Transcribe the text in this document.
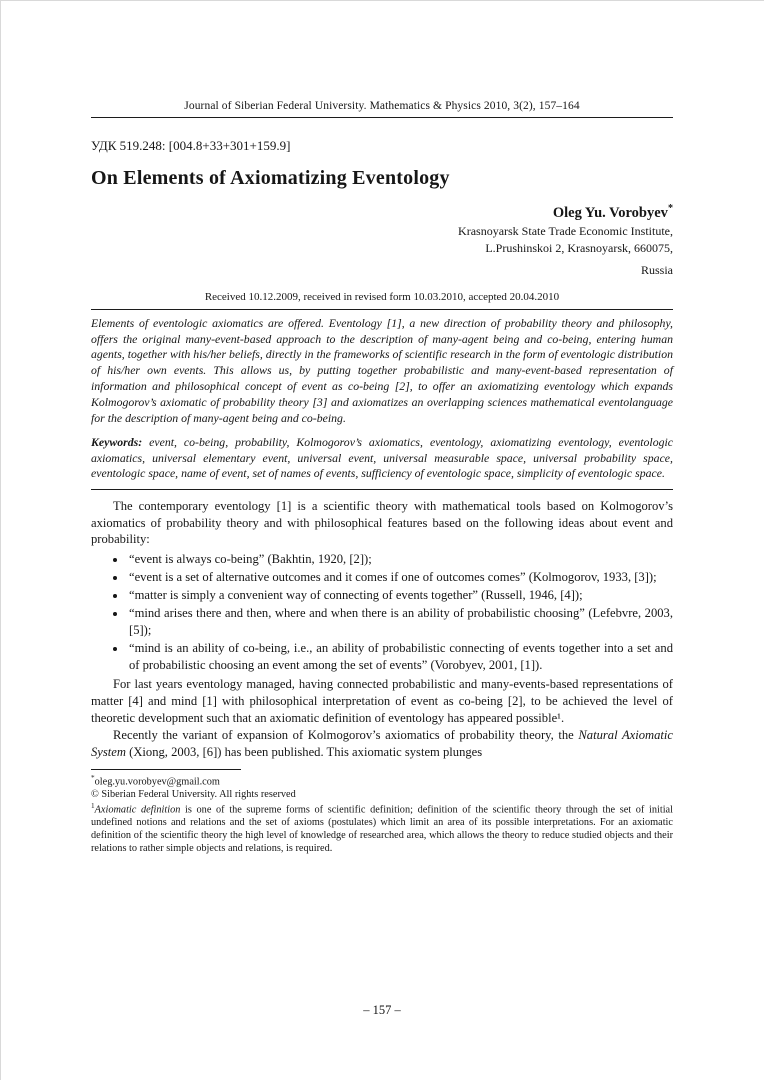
Journal of Siberian Federal University. Mathematics & Physics 2010, 3(2), 157–164
УДК 519.248: [004.8+33+301+159.9]
On Elements of Axiomatizing Eventology
Oleg Yu. Vorobyev*
Krasnoyarsk State Trade Economic Institute,
L.Prushinskoi 2, Krasnoyarsk, 660075,
Russia
Received 10.12.2009, received in revised form 10.03.2010, accepted 20.04.2010

Elements of eventologic axiomatics are offered. Eventology [1], a new direction of probability theory and philosophy, offers the original many-event-based approach to the description of many-agent being and co-being, entering human agents, together with his/her beliefs, directly in the frameworks of scientific research in the form of eventologic distribution of his/her own events. This allows us, by putting together probabilistic and many-event-based representation of information and philosophical concept of event as co-being [2], to offer an axiomatizing eventology which expands Kolmogorov’s axiomatic of probability theory [3] and axiomatizes an overlapping sciences mathematical eventolanguage for the description of many-agent being and co-being.

Keywords: event, co-being, probability, Kolmogorov’s axiomatics, eventology, axiomatizing eventology, eventologic axiomatics, universal elementary event, universal event, universal measurable space, universal probability space, eventologic space, name of event, set of names of events, sufficiency of eventologic space, simplicity of eventologic space.

The contemporary eventology [1] is a scientific theory with mathematical tools based on Kolmogorov’s axiomatics of probability theory and with philosophical features based on the following ideas about event and probability:

• “event is always co-being” (Bakhtin, 1920, [2]);
• “event is a set of alternative outcomes and it comes if one of outcomes comes” (Kolmogorov, 1933, [3]);
• “matter is simply a convenient way of connecting of events together” (Russell, 1946, [4]);
• “mind arises there and then, where and when there is an ability of probabilistic choosing” (Lefebvre, 2003, [5]);
• “mind is an ability of co-being, i.e., an ability of probabilistic connecting of events together into a set and of probabilistic choosing an event among the set of events” (Vorobyev, 2001, [1]).

For last years eventology managed, having connected probabilistic and many-events-based representations of matter [4] and mind [1] with philosophical interpretation of event as co-being [2], to be achieved the level of theoretic development such that an axiomatic definition of eventology has appeared possible¹.

Recently the variant of expansion of Kolmogorov’s axiomatics of probability theory, the Natural Axiomatic System (Xiong, 2003, [6]) has been published. This axiomatic system plunges

*oleg.yu.vorobyev@gmail.com
© Siberian Federal University. All rights reserved
$^1$Axiomatic definition is one of the supreme forms of scientific definition; definition of the scientific theory through the set of initial undefined notions and relations and the set of axioms (postulates) which limit an area of its possible interpretations. For an axiomatic definition of the scientific theory the high level of knowledge of researched area, which allows the theory to reduce studied objects and their relations to rather simple objects and relations, is required.
– 157 –
